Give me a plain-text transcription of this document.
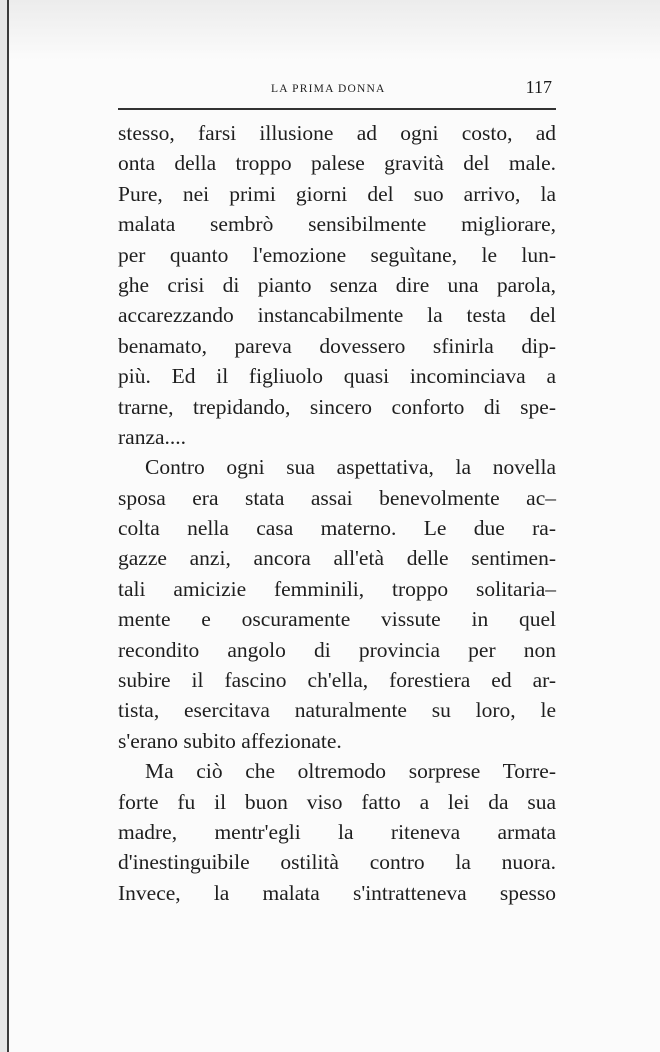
LA PRIMA DONNA	117
stesso, farsi illusione ad ogni costo, ad
onta della troppo palese gravità del male.
Pure, nei primi giorni del suo arrivo, la
malata sembrò sensibilmente migliorare,
per quanto l'emozione seguìtane, le lun-
ghe crisi di pianto senza dire una parola,
accarezzando instancabilmente la testa del
benamato, pareva dovessero sfinirla dip-
più. Ed il figliuolo quasi incominciava a
trarne, trepidando, sincero conforto di spe-
ranza....
Contro ogni sua aspettativa, la novella
sposa era stata assai benevolmente ac–
colta nella casa materno. Le due ra-
gazze anzi, ancora all'età delle sentimen-
tali amicizie femminili, troppo solitaria–
mente e oscuramente vissute in quel
recondito angolo di provincia per non
subire il fascino ch'ella, forestiera ed ar-
tista, esercitava naturalmente su loro, le
s'erano subito affezionate.
Ma ciò che oltremodo sorprese Torre-
forte fu il buon viso fatto a lei da sua
madre, mentr'egli la riteneva armata
d'inestinguibile ostilità contro la nuora.
Invece, la malata s'intratteneva spesso
